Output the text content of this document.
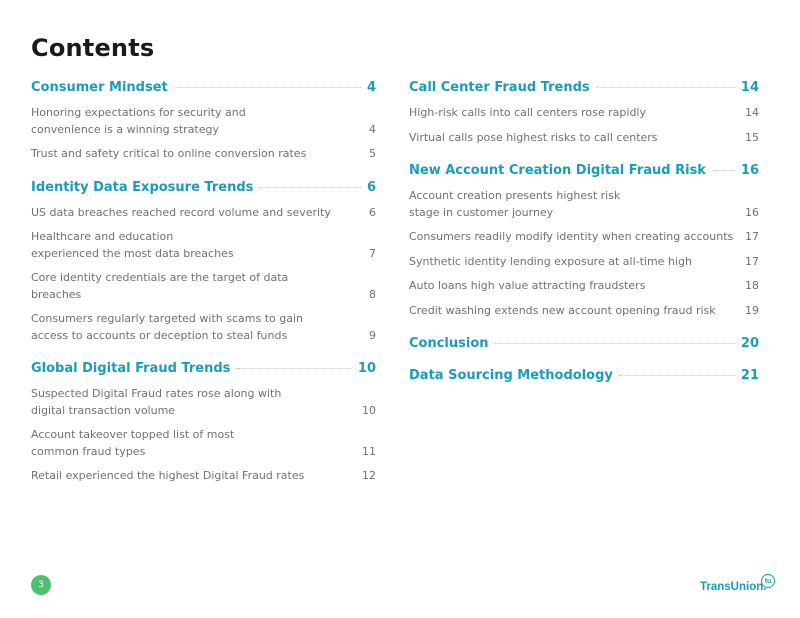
Contents
Consumer Mindset	4
Honoring expectations for security and convenience is a winning strategy	4
Trust and safety critical to online conversion rates	5
Identity Data Exposure Trends	6
US data breaches reached record volume and severity	6
Healthcare and education experienced the most data breaches	7
Core identity credentials are the target of data breaches	8
Consumers regularly targeted with scams to gain access to accounts or deception to steal funds	9
Global Digital Fraud Trends	10
Suspected Digital Fraud rates rose along with digital transaction volume	10
Account takeover topped list of most common fraud types	11
Retail experienced the highest Digital Fraud rates	12
Call Center Fraud Trends	14
High-risk calls into call centers rose rapidly	14
Virtual calls pose highest risks to call centers	15
New Account Creation Digital Fraud Risk	16
Account creation presents highest risk stage in customer journey	16
Consumers readily modify identity when creating accounts 17
Synthetic identity lending exposure at all-time high	17
Auto loans high value attracting fraudsters	18
Credit washing extends new account opening fraud risk	19
Conclusion	20
Data Sourcing Methodology	21
3	TransUnion.
tu
